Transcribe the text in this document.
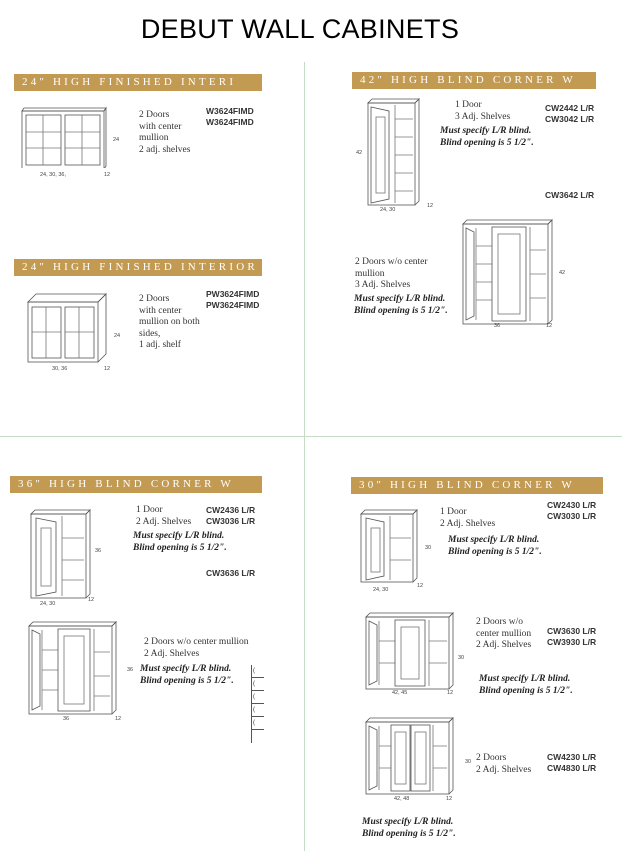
DEBUT WALL CABINETS
24" HIGH FINISHED INTERI
24
24, 30, 36,	12
2 Doors
with center
mullion
2 adj. shelves
W3624FIMD
W3624FIMD
24" HIGH FINISHED INTERIOR
24
30, 36	12
2 Doors
with center
mullion on both
sides,
1 adj. shelf
PW3624FIMD
PW3624FIMD
42" HIGH BLIND CORNER W
42
24, 30
12
1 Door
3 Adj. Shelves
Must specify L/R blind.
Blind opening is 5 1/2".
CW2442 L/R
CW3042 L/R
CW3642 L/R
42
36	12
2 Doors w/o center
mullion
3 Adj. Shelves
Must specify L/R blind.
Blind opening is 5 1/2".
36" HIGH BLIND CORNER W
36
24, 30
12
1 Door
2 Adj. Shelves
Must specify L/R blind.
Blind opening is 5 1/2".
CW2436 L/R
CW3036 L/R
CW3636 L/R
36
36	12
2 Doors w/o center mullion
2 Adj. Shelves
Must specify L/R blind.
Blind opening is 5 1/2".
(
(
(
(
(
30" HIGH BLIND CORNER W
30
24, 30
12
1 Door
2 Adj. Shelves
Must specify L/R blind.
Blind opening is 5 1/2".
CW2430 L/R
CW3030 L/R
30
42, 45	12
2 Doors w/o
center mullion
2 Adj. Shelves
Must specify L/R blind.
Blind opening is 5 1/2".
CW3630 L/R
CW3930 L/R
30
42, 48	12
2 Doors
2 Adj. Shelves
CW4230 L/R
CW4830 L/R
Must specify L/R blind.
Blind opening is 5 1/2".
